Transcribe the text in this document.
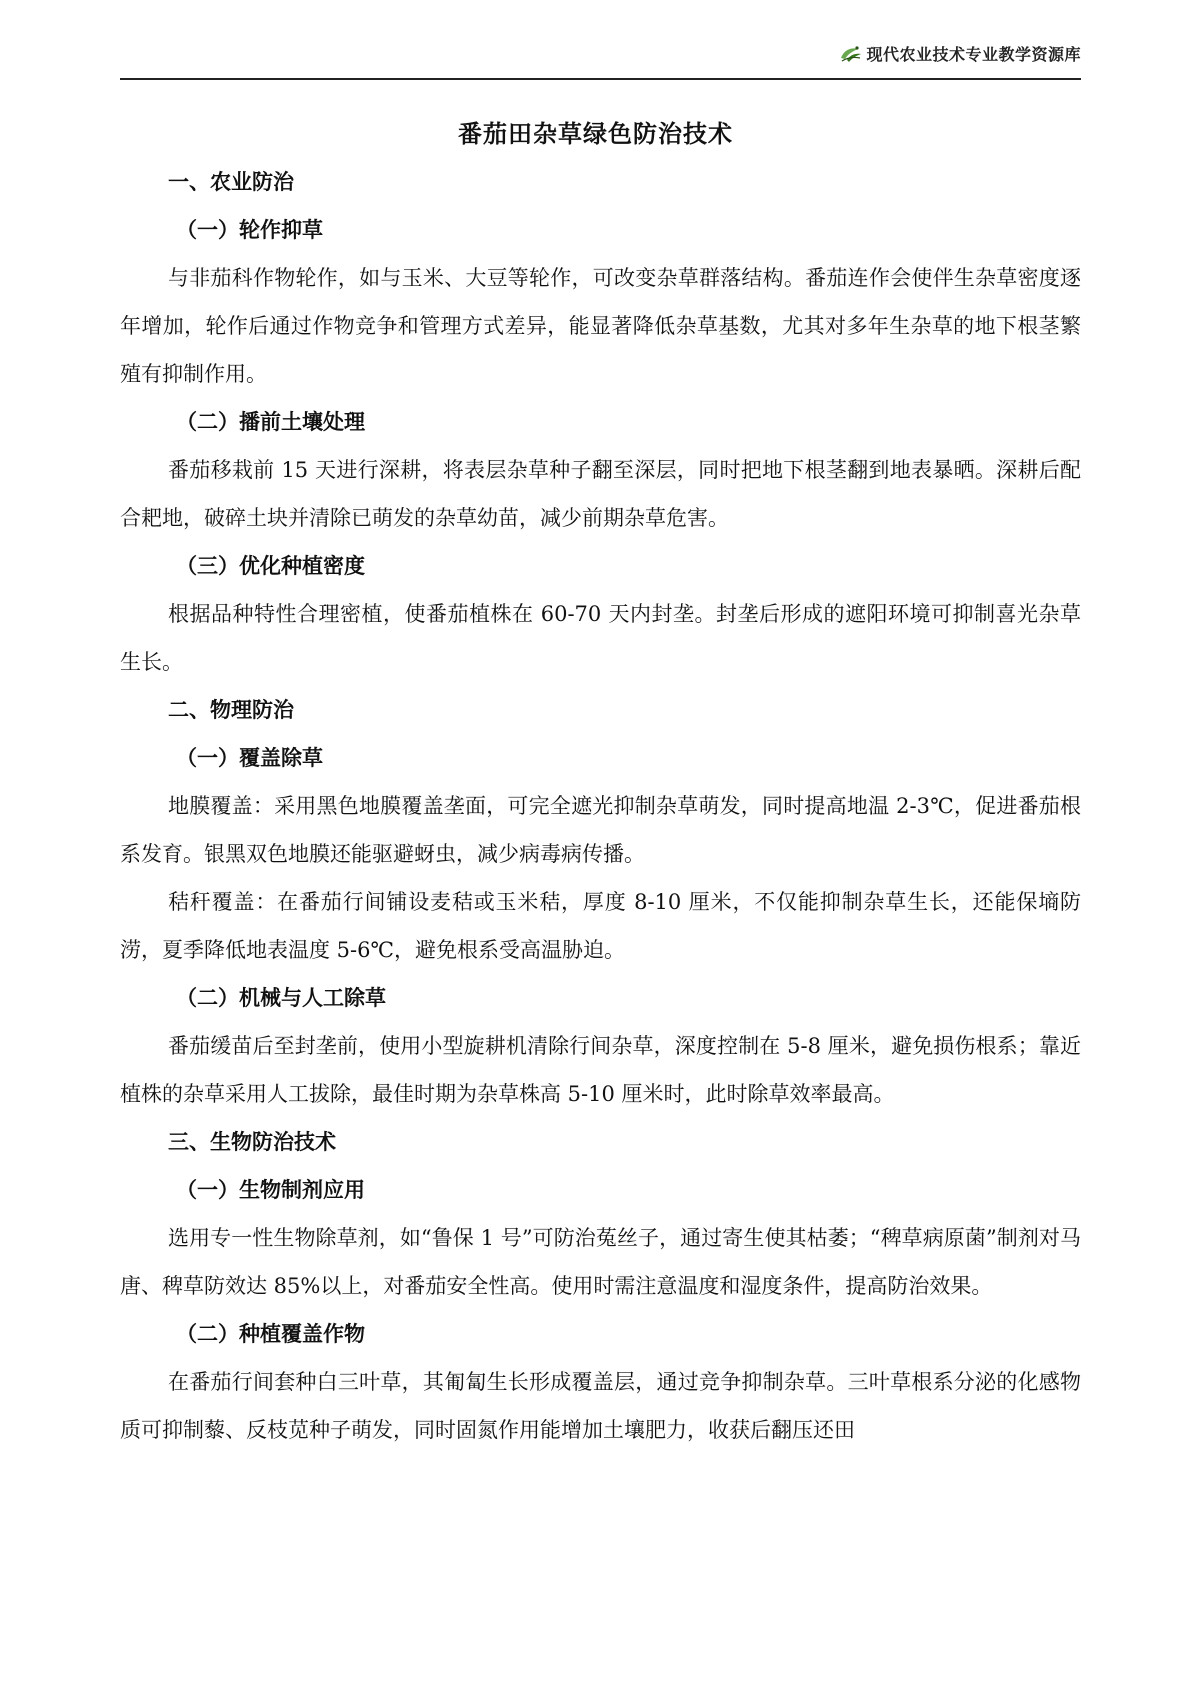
现代农业技术专业教学资源库
番茄田杂草绿色防治技术
一、农业防治
（一）轮作抑草

与非茄科作物轮作，如与玉米、大豆等轮作，可改变杂草群落结构。番茄连作会使伴生杂草密度逐年增加，轮作后通过作物竞争和管理方式差异，能显著降低杂草基数，尤其对多年生杂草的地下根茎繁殖有抑制作用。

（二）播前土壤处理

番茄移栽前 15 天进行深耕，将表层杂草种子翻至深层，同时把地下根茎翻到地表暴晒。深耕后配合耙地，破碎土块并清除已萌发的杂草幼苗，减少前期杂草危害。

（三）优化种植密度

根据品种特性合理密植，使番茄植株在 60-70 天内封垄。封垄后形成的遮阳环境可抑制喜光杂草生长。

二、物理防治
（一）覆盖除草

地膜覆盖：采用黑色地膜覆盖垄面，可完全遮光抑制杂草萌发，同时提高地温 2-3℃，促进番茄根系发育。银黑双色地膜还能驱避蚜虫，减少病毒病传播。

秸秆覆盖：在番茄行间铺设麦秸或玉米秸，厚度 8-10 厘米，不仅能抑制杂草生长，还能保墒防涝，夏季降低地表温度 5-6℃，避免根系受高温胁迫。

（二）机械与人工除草

番茄缓苗后至封垄前，使用小型旋耕机清除行间杂草，深度控制在 5-8 厘米，避免损伤根系；靠近植株的杂草采用人工拔除，最佳时期为杂草株高 5-10 厘米时，此时除草效率最高。

三、生物防治技术
（一）生物制剂应用

选用专一性生物除草剂，如“鲁保 1 号”可防治菟丝子，通过寄生使其枯萎；“稗草病原菌”制剂对马唐、稗草防效达 85%以上，对番茄安全性高。使用时需注意温度和湿度条件，提高防治效果。

（二）种植覆盖作物

在番茄行间套种白三叶草，其匍匐生长形成覆盖层，通过竞争抑制杂草。三叶草根系分泌的化感物质可抑制藜、反枝苋种子萌发，同时固氮作用能增加土壤肥力，收获后翻压还田
